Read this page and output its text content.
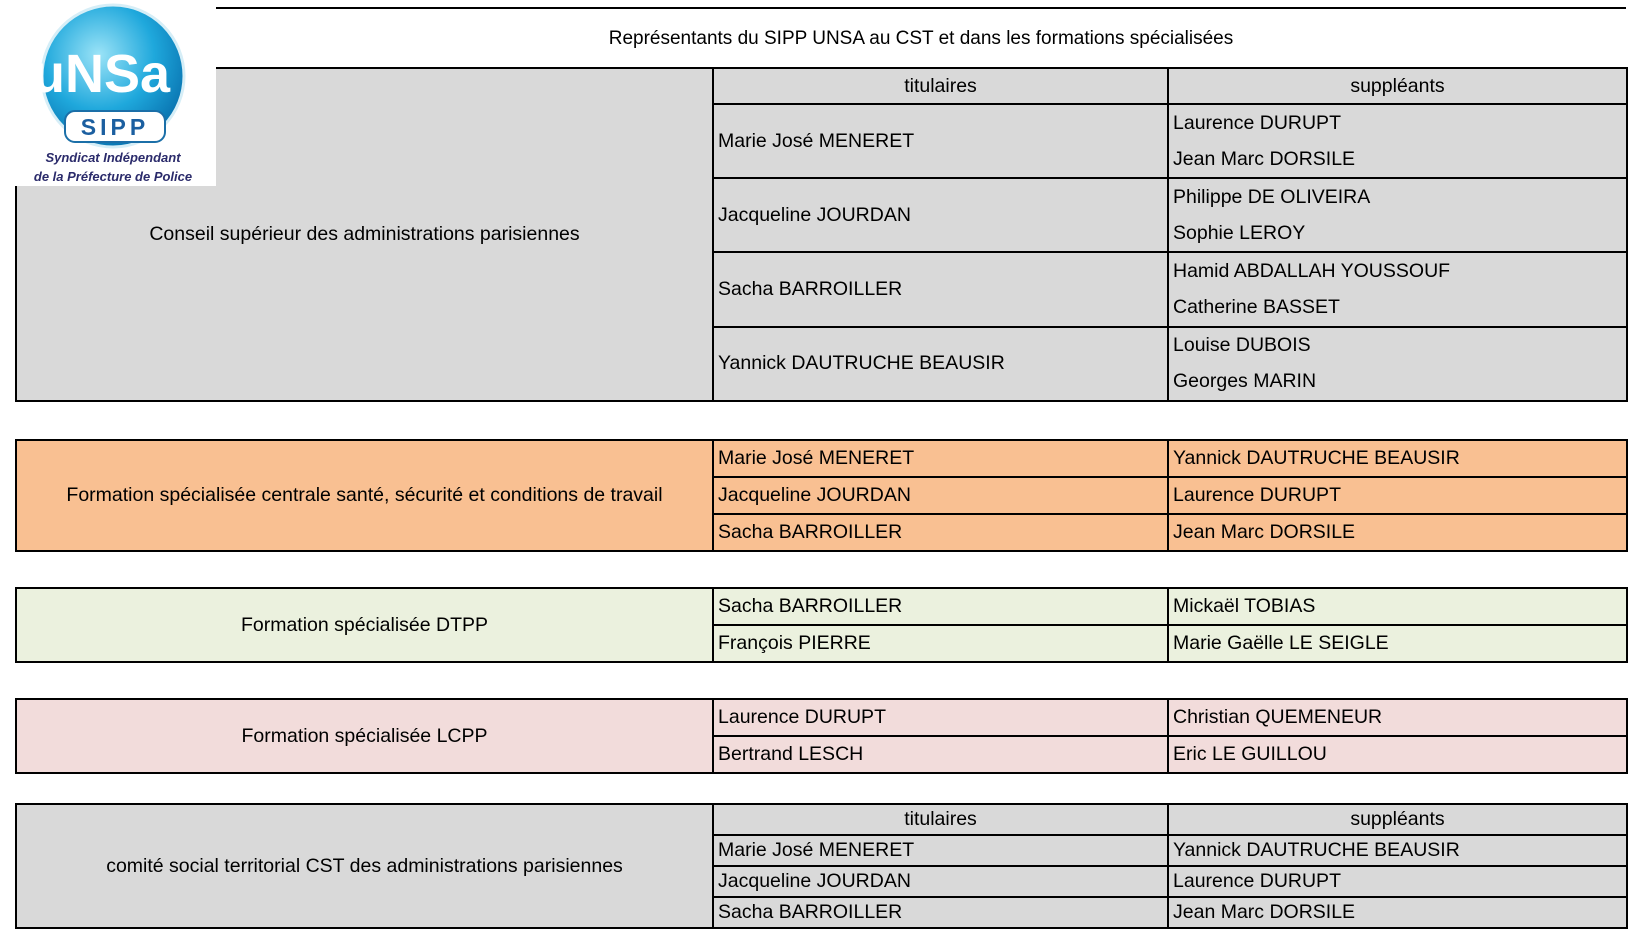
uNSa
SIPP
Syndicat Indépendant
de la Préfecture de Police
Représentants du SIPP UNSA au CST et dans les formations spécialisées
Conseil supérieur des administrations parisiennes	titulaires	suppléants
	Marie José MENERET	Laurence DURUPT
		Jean Marc DORSILE
	Jacqueline JOURDAN	Philippe DE OLIVEIRA
		Sophie LEROY
	Sacha BARROILLER	Hamid ABDALLAH YOUSSOUF
		Catherine BASSET
	Yannick DAUTRUCHE BEAUSIR	Louise DUBOIS
		Georges MARIN
Formation spécialisée centrale santé, sécurité et conditions de travail	Marie José MENERET	Yannick DAUTRUCHE BEAUSIR
	Jacqueline JOURDAN	Laurence DURUPT
	Sacha BARROILLER	Jean Marc DORSILE
Formation spécialisée DTPP	Sacha BARROILLER	Mickaël TOBIAS
	François PIERRE	Marie Gaëlle LE SEIGLE
Formation spécialisée LCPP	Laurence DURUPT	Christian QUEMENEUR
	Bertrand LESCH	Eric LE GUILLOU
comité social territorial CST des administrations parisiennes	titulaires	suppléants
	Marie José MENERET	Yannick DAUTRUCHE BEAUSIR
	Jacqueline JOURDAN	Laurence DURUPT
	Sacha BARROILLER	Jean Marc DORSILE
